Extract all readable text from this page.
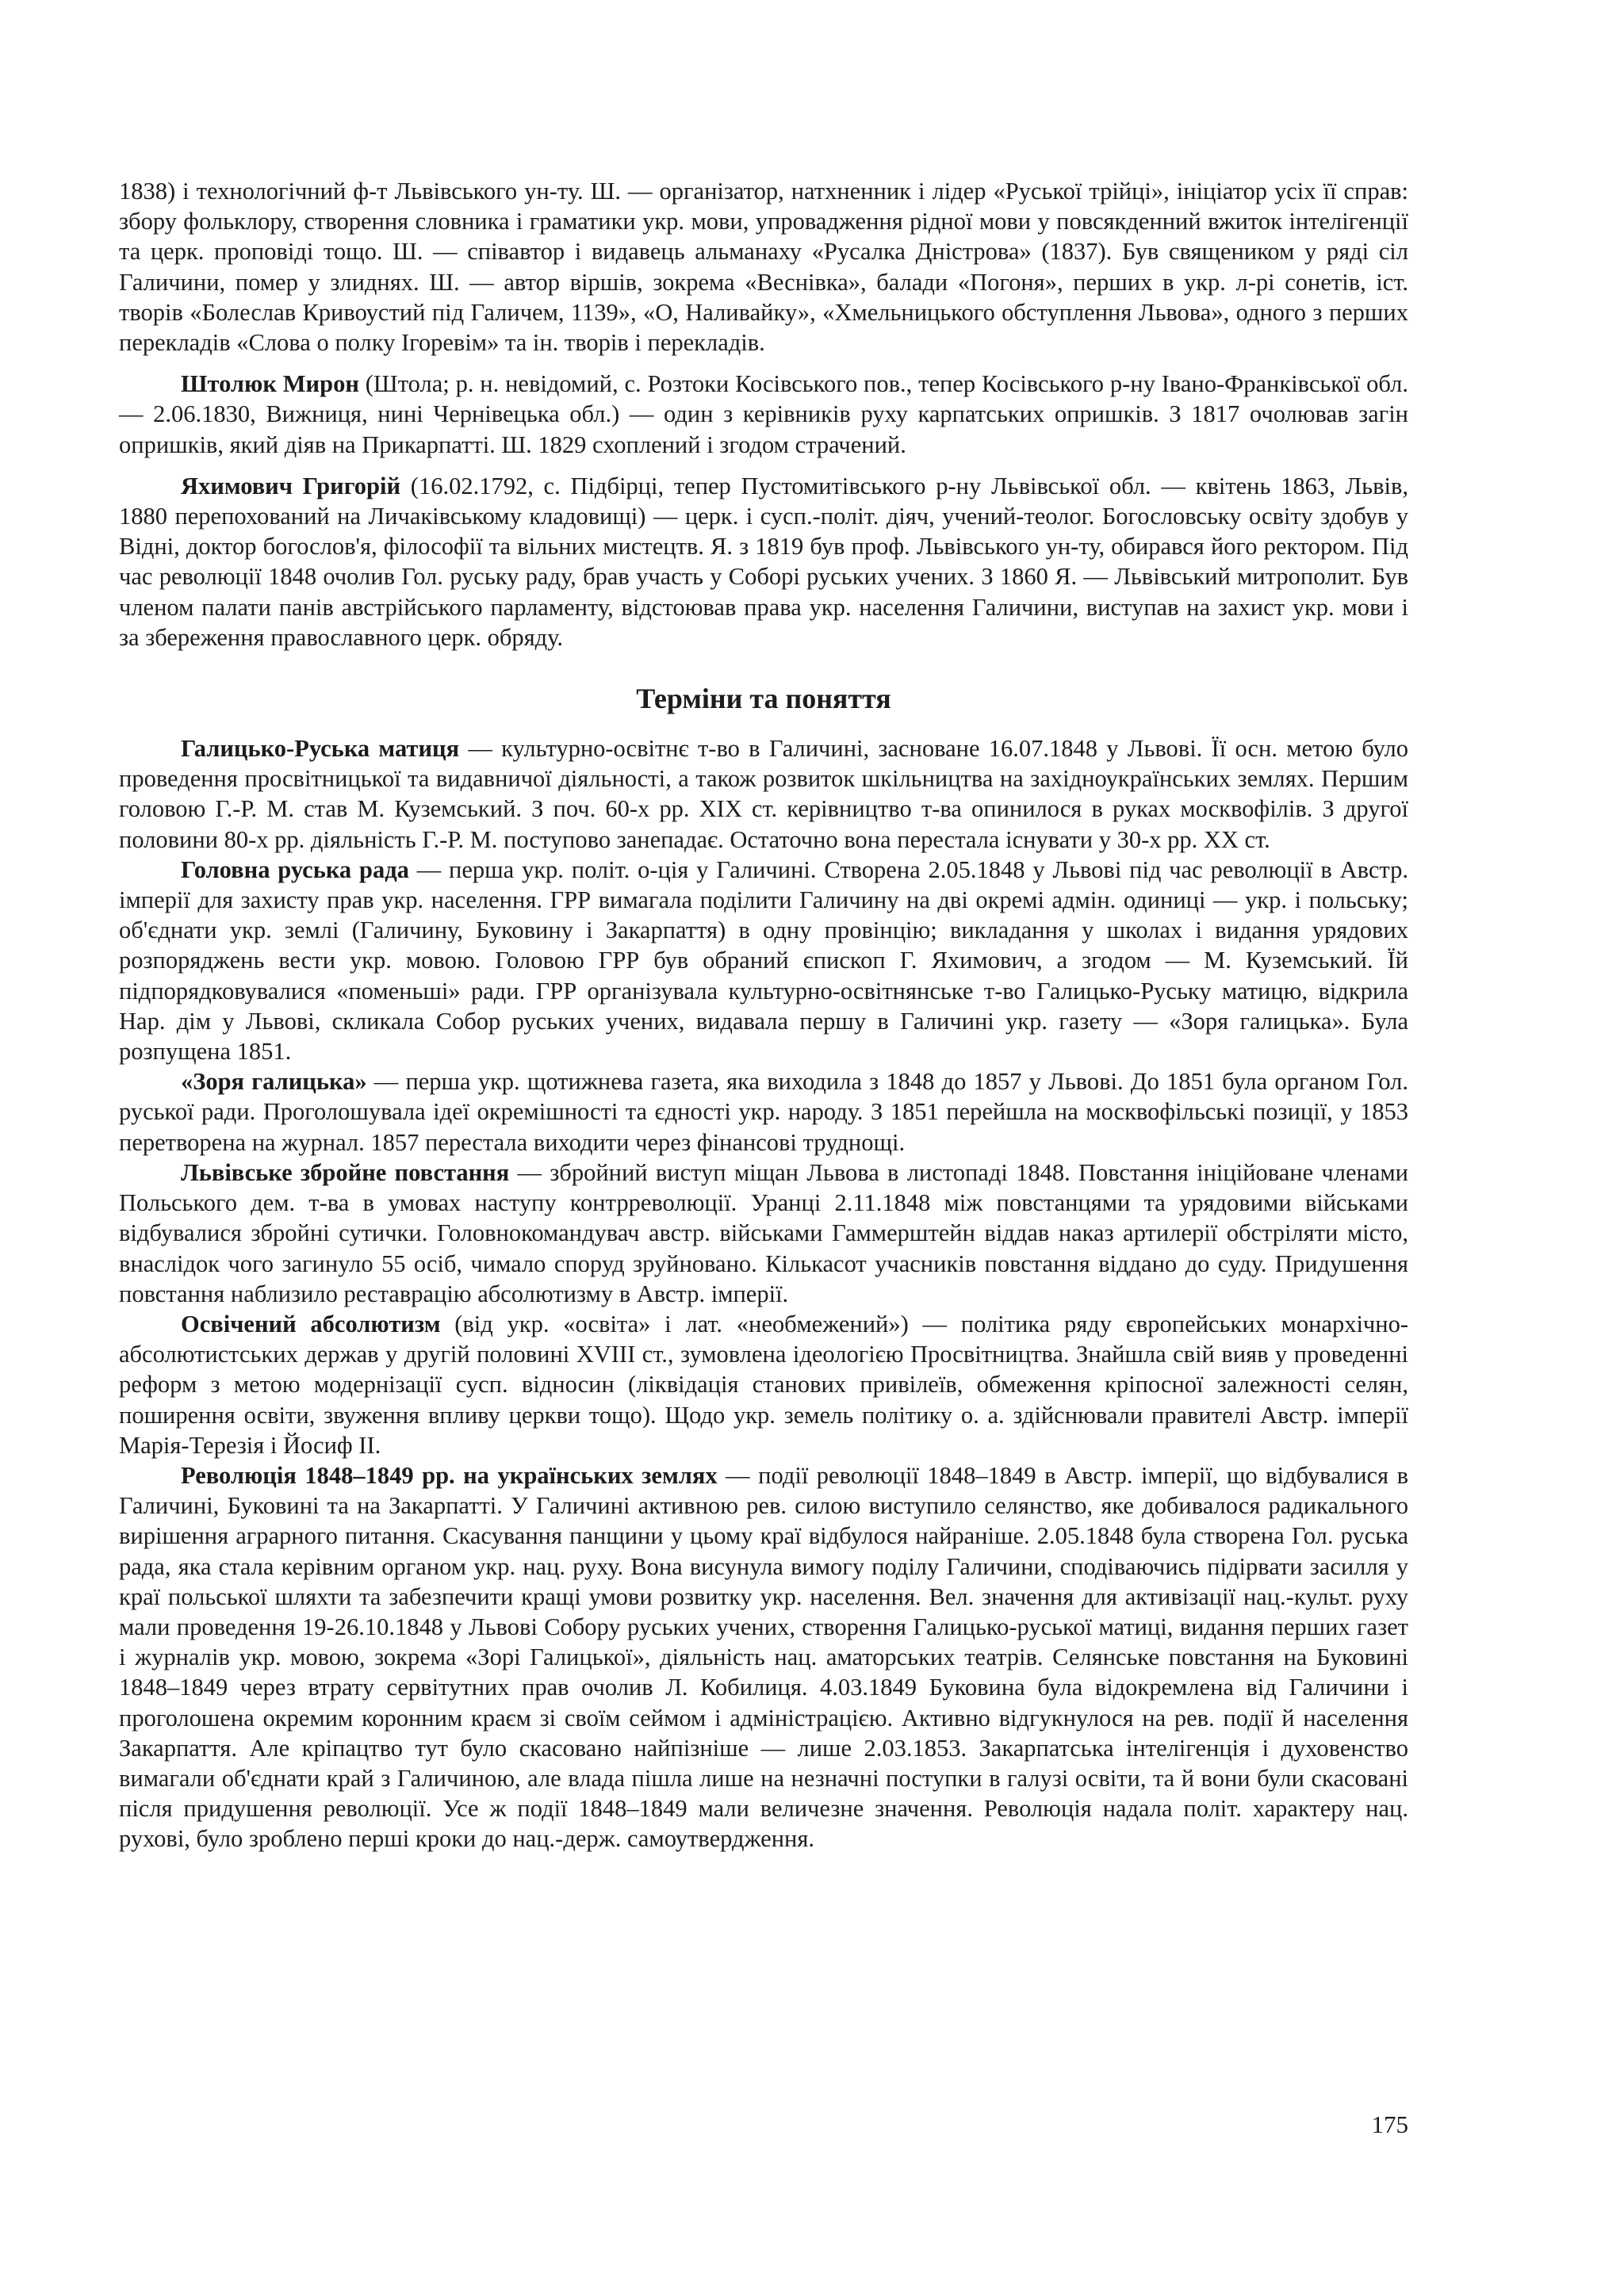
1838) і технологічний ф-т Львівського ун-ту. Ш. — організатор, натхненник і лідер «Руської трійці», ініціатор усіх її справ: збору фольклору, створення словника і граматики укр. мови, упровадження рідної мови у повсякденний вжиток інтелігенції та церк. проповіді тощо. Ш. — співавтор і видавець альманаху «Русалка Дністрова» (1837). Був священиком у ряді сіл Галичини, помер у злиднях. Ш. — автор віршів, зокрема «Веснівка», балади «Погоня», перших в укр. л-рі сонетів, іст. творів «Болеслав Кривоустий під Галичем, 1139», «О, Наливайку», «Хмельницького обступлення Львова», одного з перших перекладів «Слова о полку Ігоревім» та ін. творів і перекладів.

Штолюк Мирон (Штола; р. н. невідомий, с. Розтоки Косівського пов., тепер Косівського р-ну Івано-Франківської обл. — 2.06.1830, Вижниця, нині Чернівецька обл.) — один з керівників руху карпатських опришків. З 1817 очолював загін опришків, який діяв на Прикарпатті. Ш. 1829 схоплений і згодом страчений.

Яхимович Григорій (16.02.1792, с. Підбірці, тепер Пустомитівського р-ну Львівської обл. — квітень 1863, Львів, 1880 перепохований на Личаківському кладовищі) — церк. і сусп.-політ. діяч, учений-теолог. Богословську освіту здобув у Відні, доктор богослов'я, філософії та вільних мистецтв. Я. з 1819 був проф. Львівського ун-ту, обирався його ректором. Під час революції 1848 очолив Гол. руську раду, брав участь у Соборі руських учених. З 1860 Я. — Львівський митрополит. Був членом палати панів австрійського парламенту, відстоював права укр. населення Галичини, виступав на захист укр. мови і за збереження православного церк. обряду.

Терміни та поняття

Галицько-Руська матиця — культурно-освітнє т-во в Галичині, засноване 16.07.1848 у Львові. Її осн. метою було проведення просвітницької та видавничої діяльності, а також розвиток шкільництва на західноукраїнських землях. Першим головою Г.-Р. М. став М. Куземський. З поч. 60-х рр. XIX ст. керівництво т-ва опинилося в руках москвофілів. З другої половини 80-х рр. діяльність Г.-Р. М. поступово занепадає. Остаточно вона перестала існувати у 30-х рр. XX ст.

Головна руська рада — перша укр. політ. о-ція у Галичині. Створена 2.05.1848 у Львові під час революції в Австр. імперії для захисту прав укр. населення. ГРР вимагала поділити Галичину на дві окремі адмін. одиниці — укр. і польську; об'єднати укр. землі (Галичину, Буковину і Закарпаття) в одну провінцію; викладання у школах і видання урядових розпоряджень вести укр. мовою. Головою ГРР був обраний єпископ Г. Яхимович, а згодом — М. Куземський. Їй підпорядковувалися «поменьші» ради. ГРР організувала культурно-освітнянське т-во Галицько-Руську матицю, відкрила Нар. дім у Львові, скликала Собор руських учених, видавала першу в Галичині укр. газету — «Зоря галицька». Була розпущена 1851.

«Зоря галицька» — перша укр. щотижнева газета, яка виходила з 1848 до 1857 у Львові. До 1851 була органом Гол. руської ради. Проголошувала ідеї окремішності та єдності укр. народу. З 1851 перейшла на москвофільські позиції, у 1853 перетворена на журнал. 1857 перестала виходити через фінансові труднощі.

Львівське збройне повстання — збройний виступ міщан Львова в листопаді 1848. Повстання ініційоване членами Польського дем. т-ва в умовах наступу контрреволюції. Уранці 2.11.1848 між повстанцями та урядовими військами відбувалися збройні сутички. Головнокомандувач австр. військами Гаммерштейн віддав наказ артилерії обстріляти місто, внаслідок чого загинуло 55 осіб, чимало споруд зруйновано. Кількасот учасників повстання віддано до суду. Придушення повстання наблизило реставрацію абсолютизму в Австр. імперії.

Освічений абсолютизм (від укр. «освіта» і лат. «необмежений») — політика ряду європейських монархічно-абсолютистських держав у другій половині XVIII ст., зумовлена ідеологією Просвітництва. Знайшла свій вияв у проведенні реформ з метою модернізації сусп. відносин (ліквідація станових привілеїв, обмеження кріпосної залежності селян, поширення освіти, звуження впливу церкви тощо). Щодо укр. земель політику о. а. здійснювали правителі Австр. імперії Марія-Терезія і Йосиф II.

Революція 1848–1849 рр. на українських землях — події революції 1848–1849 в Австр. імперії, що відбувалися в Галичині, Буковині та на Закарпатті. У Галичині активною рев. силою виступило селянство, яке добивалося радикального вирішення аграрного питання. Скасування панщини у цьому краї відбулося найраніше. 2.05.1848 була створена Гол. руська рада, яка стала керівним органом укр. нац. руху. Вона висунула вимогу поділу Галичини, сподіваючись підірвати засилля у краї польської шляхти та забезпечити кращі умови розвитку укр. населення. Вел. значення для активізації нац.-культ. руху мали проведення 19-26.10.1848 у Львові Собору руських учених, створення Галицько-руської матиці, видання перших газет і журналів укр. мовою, зокрема «Зорі Галицької», діяльність нац. аматорських театрів. Селянське повстання на Буковині 1848–1849 через втрату сервітутних прав очолив Л. Кобилиця. 4.03.1849 Буковина була відокремлена від Галичини і проголошена окремим коронним краєм зі своїм сеймом і адміністрацією. Активно відгукнулося на рев. події й населення Закарпаття. Але кріпацтво тут було скасовано найпізніше — лише 2.03.1853. Закарпатська інтелігенція і духовенство вимагали об'єднати край з Галичиною, але влада пішла лише на незначні поступки в галузі освіти, та й вони були скасовані після придушення революції. Усе ж події 1848–1849 мали величезне значення. Революція надала політ. характеру нац. рухові, було зроблено перші кроки до нац.-держ. самоутвердження.

175
